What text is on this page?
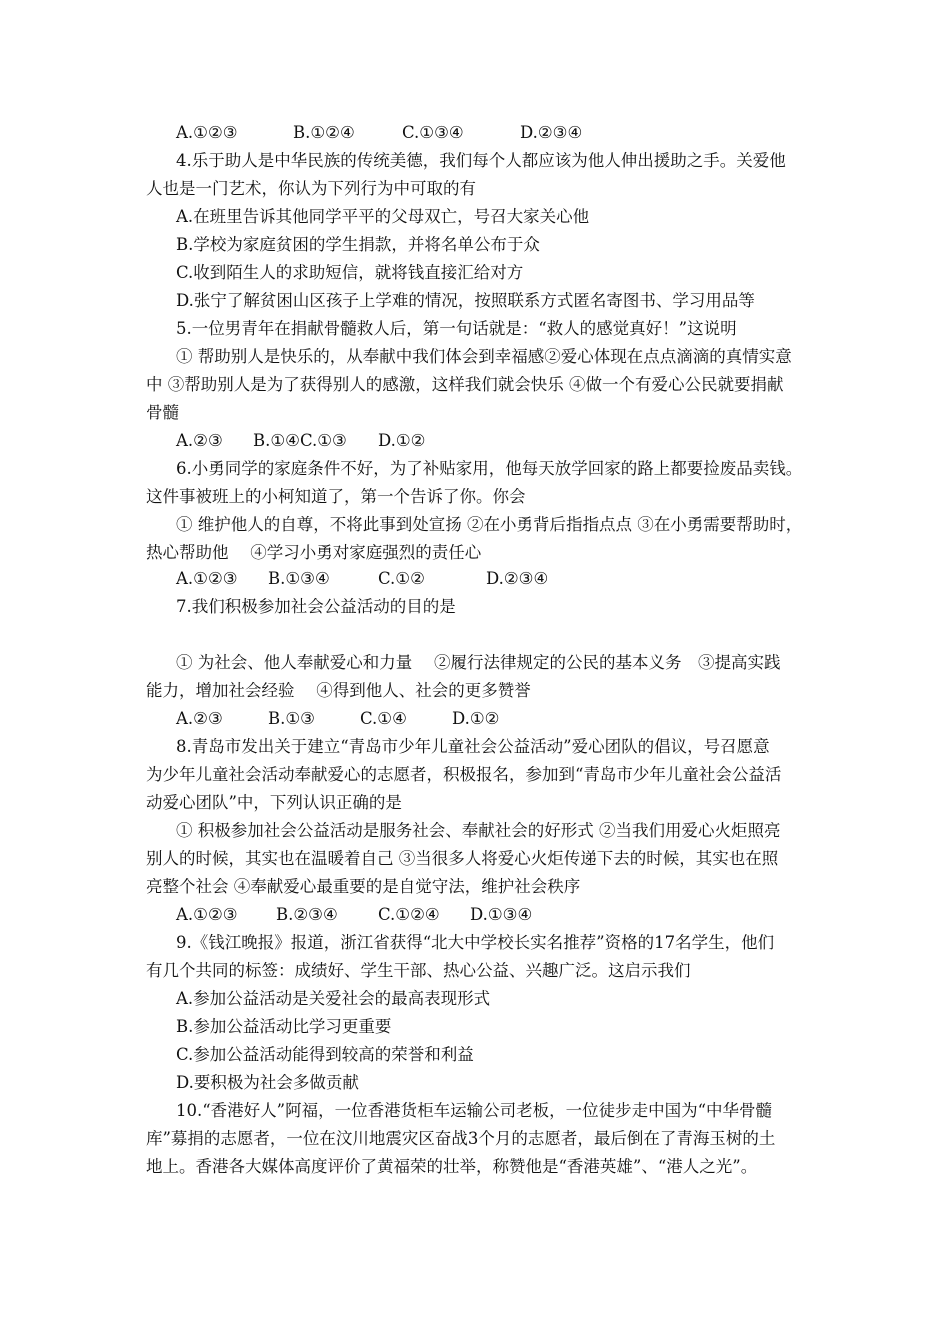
A.①②③	B.①②④	C.①③④	D.②③④
4.乐于助人是中华民族的传统美德，我们每个人都应该为他人伸出援助之手。关爱他
人也是一门艺术，你认为下列行为中可取的有
A.在班里告诉其他同学平平的父母双亡，号召大家关心他
B.学校为家庭贫困的学生捐款，并将名单公布于众
C.收到陌生人的求助短信，就将钱直接汇给对方
D.张宁了解贫困山区孩子上学难的情况，按照联系方式匿名寄图书、学习用品等
5.一位男青年在捐献骨髓救人后，第一句话就是：“救人的感觉真好！”这说明
① 帮助别人是快乐的，从奉献中我们体会到幸福感②爱心体现在点点滴滴的真情实意
中 ③帮助别人是为了获得别人的感激，这样我们就会快乐 ④做一个有爱心公民就要捐献
骨髓
A.②③ B.①④C.①③ D.①②
6.小勇同学的家庭条件不好，为了补贴家用，他每天放学回家的路上都要捡废品卖钱。
这件事被班上的小柯知道了，第一个告诉了你。你会
① 维护他人的自尊，不将此事到处宣扬 ②在小勇背后指指点点 ③在小勇需要帮助时，
热心帮助他　 ④学习小勇对家庭强烈的责任心
A.①②③ B.①③④	C.①②	D.②③④
7.我们积极参加社会公益活动的目的是
① 为社会、他人奉献爱心和力量　 ②履行法律规定的公民的基本义务　③提高实践
能力，增加社会经验　 ④得到他人、社会的更多赞誉
A.②③	B.①③	C.①④	D.①②
8.青岛市发出关于建立“青岛市少年儿童社会公益活动”爱心团队的倡议，号召愿意
为少年儿童社会活动奉献爱心的志愿者，积极报名，参加到“青岛市少年儿童社会公益活
动爱心团队”中，下列认识正确的是
① 积极参加社会公益活动是服务社会、奉献社会的好形式 ②当我们用爱心火炬照亮
别人的时候，其实也在温暖着自己 ③当很多人将爱心火炬传递下去的时候，其实也在照
亮整个社会 ④奉献爱心最重要的是自觉守法，维护社会秩序
A.①②③ B.②③④ C.①②④ D.①③④
9.《钱江晚报》报道，浙江省获得“北大中学校长实名推荐”资格的17名学生，他们
有几个共同的标签：成绩好、学生干部、热心公益、兴趣广泛。这启示我们
A.参加公益活动是关爱社会的最高表现形式
B.参加公益活动比学习更重要
C.参加公益活动能得到较高的荣誉和利益
D.要积极为社会多做贡献
10.“香港好人”阿福，一位香港货柜车运输公司老板，一位徒步走中国为“中华骨髓
库”募捐的志愿者，一位在汶川地震灾区奋战3个月的志愿者，最后倒在了青海玉树的土
地上。香港各大媒体高度评价了黄福荣的壮举，称赞他是“香港英雄”、“港人之光”。
